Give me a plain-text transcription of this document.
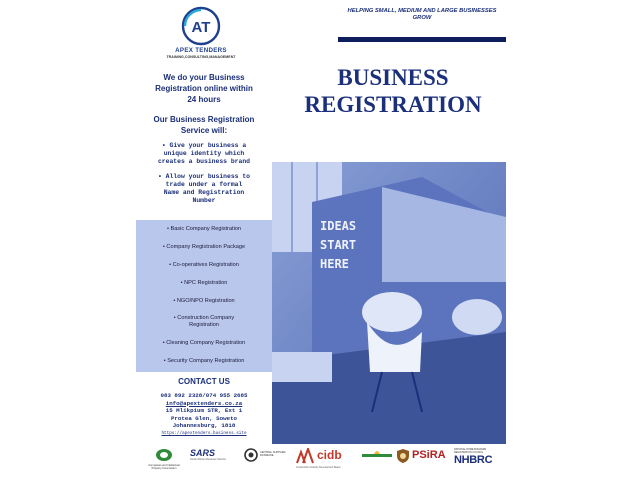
AT
APEX TENDERS
TRAINING,CONSULTING,MANAGEMENT
HELPING SMALL, MEDIUM AND LARGE BUSINESSES
GROW
BUSINESS
REGISTRATION
We do your Business
Registration online within
24 hours
Our Business Registration
Service will:
• Give your business a
unique identity which
creates a business brand
• Allow your business to
trade under a formal
Name and Registration
Number
IDEAS
START
HERE
• Basic Company Registration
• Company Registration Package
• Co-operatives Registration
• NPC Registration
• NGO/NPO Registration
• Construction Company
Registration
• Cleaning Company Registration
• Security Company Registration
CONTACT US
083 892 2328/074 955 2685
info@apextenders.co.za
15 Mlikpium STR, Ext 1
Protea Glen, Soweto
Johannesburg, 1818
https://apextenders.business.site
Companies and Intellectual Property Commission
SARS
South African Revenue Service
CENTRAL SUPPLIER DATABASE	cidb
Construction Industry Development Board
PSiRA	NATIONAL HOME BUILDERS REGISTRATION COUNCIL
NHBRC
